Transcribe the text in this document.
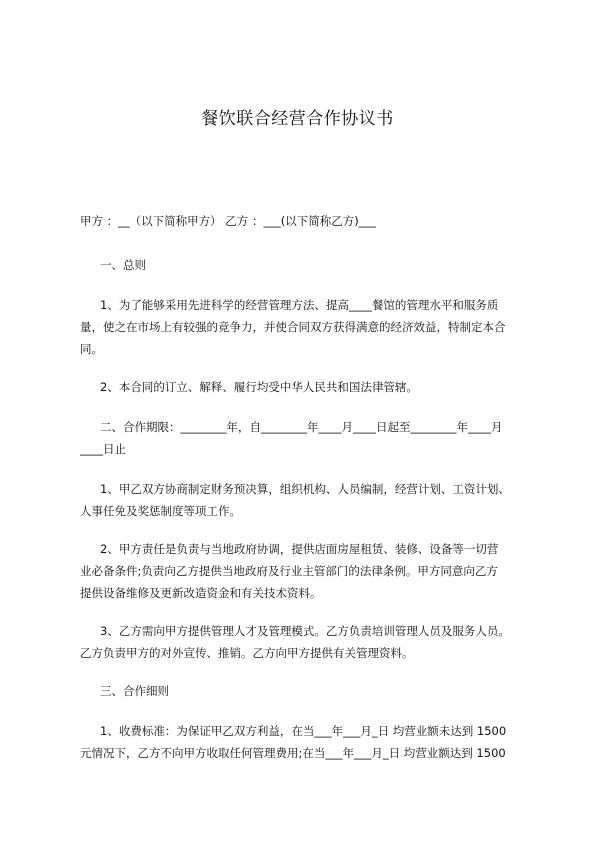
餐饮联合经营合作协议书
甲方 ：__（以下简称甲方） 乙方 ：___(以下简称乙方)___
一、总则
1、为了能够采用先进科学的经营管理方法、提高____餐馆的管理水平和服务质
量，使之在市场上有较强的竞争力，并使合同双方获得满意的经济效益，特制定本合
同。
2、本合同的订立、解释、履行均受中华人民共和国法律管辖。
二、合作期限：________年，自________年____月____日起至________年____月
____日止
1、甲乙双方协商制定财务预决算，组织机构、人员编制，经营计划、工资计划、
人事任免及奖惩制度等项工作。
2、甲方责任是负责与当地政府协调，提供店面房屋租赁、装修、设备等一切营
业必备条件;负责向乙方提供当地政府及行业主管部门的法律条例。甲方同意向乙方
提供设备维修及更新改造资金和有关技术资料。
3、乙方需向甲方提供管理人才及管理模式。乙方负责培训管理人员及服务人员。
乙方负责甲方的对外宣传、推销。乙方向甲方提供有关管理资料。
三、合作细则
1、收费标准：为保证甲乙双方利益，在当___年___月_日 均营业额未达到 1500
元情况下，乙方不向甲方收取任何管理费用;在当___年___月_日 均营业额达到 1500
